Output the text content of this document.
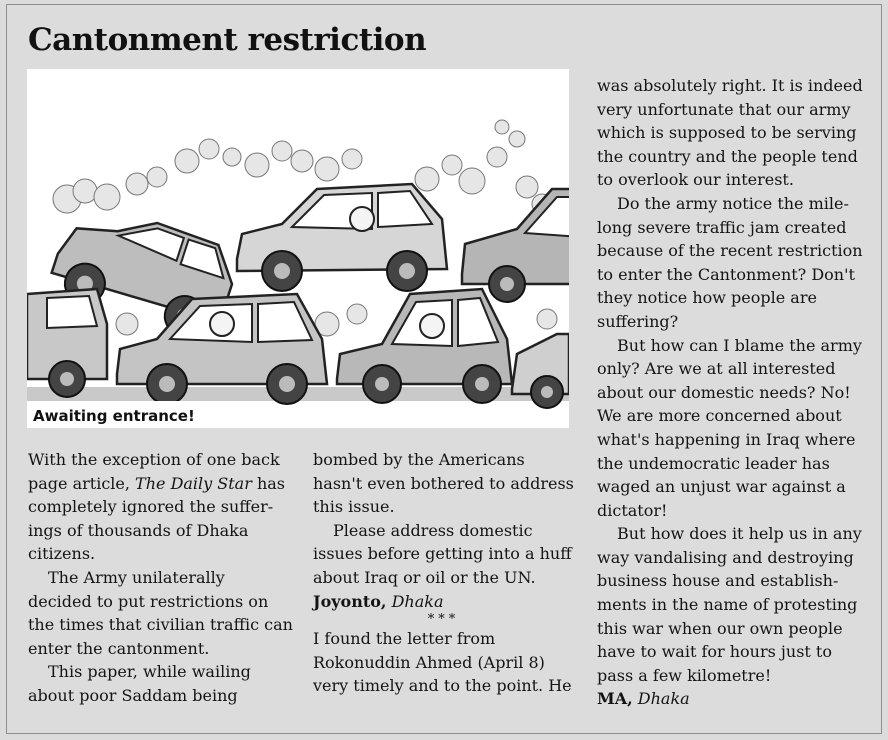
Cantonment restriction
Awaiting entrance!

With the exception of one back

page article, The Daily Star has

completely ignored the suffer-

ings of thousands of Dhaka

citizens.

The Army unilaterally

decided to put restrictions on

the times that civilian traffic can

enter the cantonment.

This paper, while wailing

about poor Saddam being

bombed by the Americans

hasn't even bothered to address

this issue.

Please address domestic

issues before getting into a huff

about Iraq or oil or the UN.

Joyonto, Dhaka

***

I found the letter from

Rokonuddin Ahmed (April 8)

very timely and to the point. He

was absolutely right. It is indeed

very unfortunate that our army

which is supposed to be serving

the country and the people tend

to overlook our interest.

Do the army notice the mile-

long severe traffic jam created

because of the recent restriction

to enter the Cantonment? Don't

they notice how people are

suffering?

But how can I blame the army

only? Are we at all interested

about our domestic needs? No!

We are more concerned about

what's happening in Iraq where

the undemocratic leader has

waged an unjust war against a

dictator!

But how does it help us in any

way vandalising and destroying

business house and establish-

ments in the name of protesting

this war when our own people

have to wait for hours just to

pass a few kilometre!

MA, Dhaka
